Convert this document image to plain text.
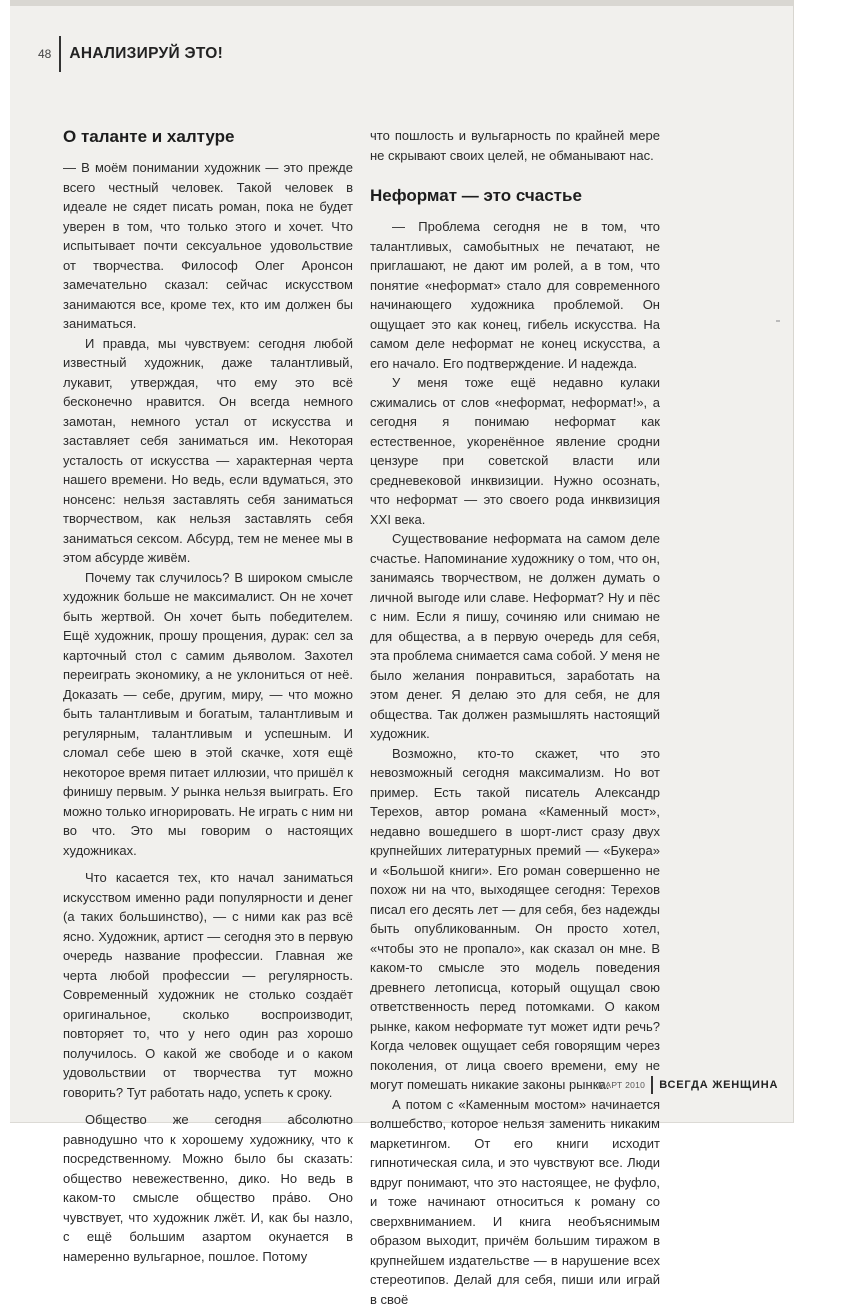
48	АНАЛИЗИРУЙ ЭТО!
О таланте и халтуре

— В моём понимании художник — это прежде всего честный человек. Такой человек в идеале не сядет писать роман, пока не будет уверен в том, что только этого и хочет. Что испытывает почти сексуальное удовольствие от творчества. Философ Олег Аронсон замечательно сказал: сейчас искусством занимаются все, кроме тех, кто им должен бы заниматься.

И правда, мы чувствуем: сегодня любой известный художник, даже талантливый, лукавит, утверждая, что ему это всё бесконечно нравится. Он всегда немного замотан, немного устал от искусства и заставляет себя заниматься им. Некоторая усталость от искусства — характерная черта нашего времени. Но ведь, если вдуматься, это нонсенс: нельзя заставлять себя заниматься творчеством, как нельзя заставлять себя заниматься сексом. Абсурд, тем не менее мы в этом абсурде живём.

Почему так случилось? В широком смысле художник больше не максималист. Он не хочет быть жертвой. Он хочет быть победителем. Ещё художник, прошу прощения, дурак: сел за карточный стол с самим дьяволом. Захотел переиграть экономику, а не уклониться от неё. Доказать — себе, другим, миру, — что можно быть талантливым и богатым, талантливым и регулярным, талантливым и успешным. И сломал себе шею в этой скачке, хотя ещё некоторое время питает иллюзии, что пришёл к финишу первым. У рынка нельзя выиграть. Его можно только игнорировать. Не играть с ним ни во что. Это мы говорим о настоящих художниках.

Что касается тех, кто начал заниматься искусством именно ради популярности и денег (а таких большинство), — с ними как раз всё ясно. Художник, артист — сегодня это в первую очередь название профессии. Главная же черта любой профессии — регулярность. Современный художник не столько создаёт оригинальное, сколько воспроизводит, повторяет то, что у него один раз хорошо получилось. О какой же свободе и о каком удовольствии от творчества тут можно говорить? Тут работать надо, успеть к сроку.

Общество же сегодня абсолютно равнодушно что к хорошему художнику, что к посредственному. Можно было бы сказать: общество невежественно, дико. Но ведь в каком-то смысле общество пра́во. Оно чувствует, что художник лжёт. И, как бы назло, с ещё большим азартом окунается в намеренно вульгарное, пошлое. Потому

что пошлость и вульгарность по крайней мере не скрывают своих целей, не обманывают нас.

Неформат — это счастье

— Проблема сегодня не в том, что талантливых, самобытных не печатают, не приглашают, не дают им ролей, а в том, что понятие «неформат» стало для современного начинающего художника проблемой. Он ощущает это как конец, гибель искусства. На самом деле неформат не конец искусства, а его начало. Его подтверждение. И надежда.

У меня тоже ещё недавно кулаки сжимались от слов «неформат, неформат!», а сегодня я понимаю неформат как естественное, укоренённое явление сродни цензуре при советской власти или средневековой инквизиции. Нужно осознать, что неформат — это своего рода инквизиция XXI века.

Существование неформата на самом деле счастье. Напоминание художнику о том, что он, занимаясь творчеством, не должен думать о личной выгоде или славе. Неформат? Ну и пёс с ним. Если я пишу, сочиняю или снимаю не для общества, а в первую очередь для себя, эта проблема снимается сама собой. У меня не было желания понравиться, заработать на этом денег. Я делаю это для себя, не для общества. Так должен размышлять настоящий художник.

Возможно, кто-то скажет, что это невозможный сегодня максимализм. Но вот пример. Есть такой писатель Александр Терехов, автор романа «Каменный мост», недавно вошедшего в шорт-лист сразу двух крупнейших литературных премий — «Букера» и «Большой книги». Его роман совершенно не похож ни на что, выходящее сегодня: Терехов писал его десять лет — для себя, без надежды быть опубликованным. Он просто хотел, «чтобы это не пропало», как сказал он мне. В каком-то смысле это модель поведения древнего летописца, который ощущал свою ответственность перед потомками. О каком рынке, каком неформате тут может идти речь? Когда человек ощущает себя говорящим через поколения, от лица своего времени, ему не могут помешать никакие законы рынка.

А потом с «Каменным мостом» начинается волшебство, которое нельзя заменить никаким маркетингом. От его книги исходит гипнотическая сила, и это чувствуют все. Люди вдруг понимают, что это настоящее, не фуфло, и тоже начинают относиться к роману со сверхвниманием. И книга необъяснимым образом выходит, причём большим тиражом в крупнейшем издательстве — в нарушение всех стереотипов. Делай для себя, пиши или играй в своё

МАРТ 2010 ВСЕГДА ЖЕНЩИНА
